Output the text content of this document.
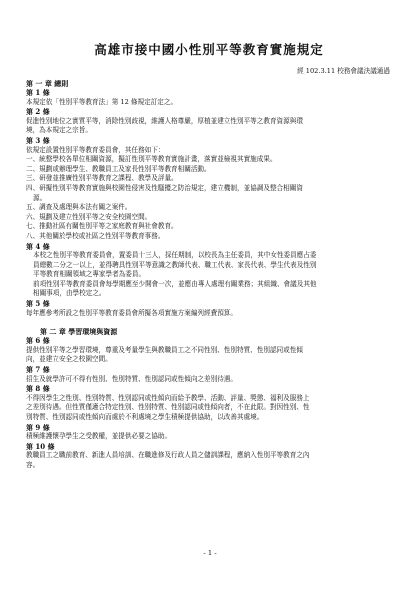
高雄市接中國小性別平等教育實施規定
經 102.3.11 校務會議決議通過
第 一 章 總則
第 1 條
本規定依「性別平等教育法」第 12 條規定訂定之。
第 2 條
促進性別地位之實質平等，消除性別歧視，維護人格尊嚴，厚植並建立性別平等之教育資源與環
境，為本規定之宗旨。
第 3 條
依規定設置性別平等教育委員會，其任務如下：
一、統整學校各單位相關資源，擬訂性別平等教育實施計畫，落實並檢視其實施成果。
二、規劃或辦理學生、教職員工及家長性別平等教育相關活動。
三、研發並推廣性別平等教育之課程、教學及評量。
四、研擬性別平等教育實施與校園性侵害及性騷擾之防治規定，建立機制，並協調及整合相關資
源。
五、調查及處理與本法有關之案件。
六、規劃及建立性別平等之安全校園空間。
七、推動社區有關性別平等之家庭教育與社會教育。
八、其他關於學校或社區之性別平等教育事務。
第 4 條
本校之性別平等教育委員會，置委員十三人，採任期制，以校長為主任委員，其中女性委員應占委
員總數二分之一以上，並得聘具性別平等意識之教師代表、職工代表、家長代表、學生代表及性別
平等教育相關領域之專家學者為委員。
前項性別平等教育委員會每學期應至少開會一次，並應由專人處理有關業務；其組織、會議及其他
相關事項，由學校定之。
第 5 條
每年應參考所設之性別平等教育委員會所擬各項實施方案編列經費預算。
第 二 章 學習環境與資源
第 6 條
提供性別平等之學習環境，尊重及考量學生與教職員工之不同性別、性別特質、性別認同或性傾
向，並建立安全之校園空間。
第 7 條
招生及就學許可不得有性別、性別特質、性別認同或性傾向之差別待遇。
第 8 條
不得因學生之性別、性別特質、性別認同或性傾向而給予教學、活動、評量、獎懲、福利及服務上
之差別待遇。但性質僅適合特定性別、性別特質、性別認同或性傾向者，不在此限。對因性別、性
別特質、性別認同或性傾向而處於不利處境之學生積極提供協助，以改善其處境。
第 9 條
積極維護懷孕學生之受教權，並提供必要之協助。
第 10 條
教職員工之職前教育、新進人員培訓、在職進修及行政人員之儲訓課程，應納入性別平等教育之內
容。
- 1 -
